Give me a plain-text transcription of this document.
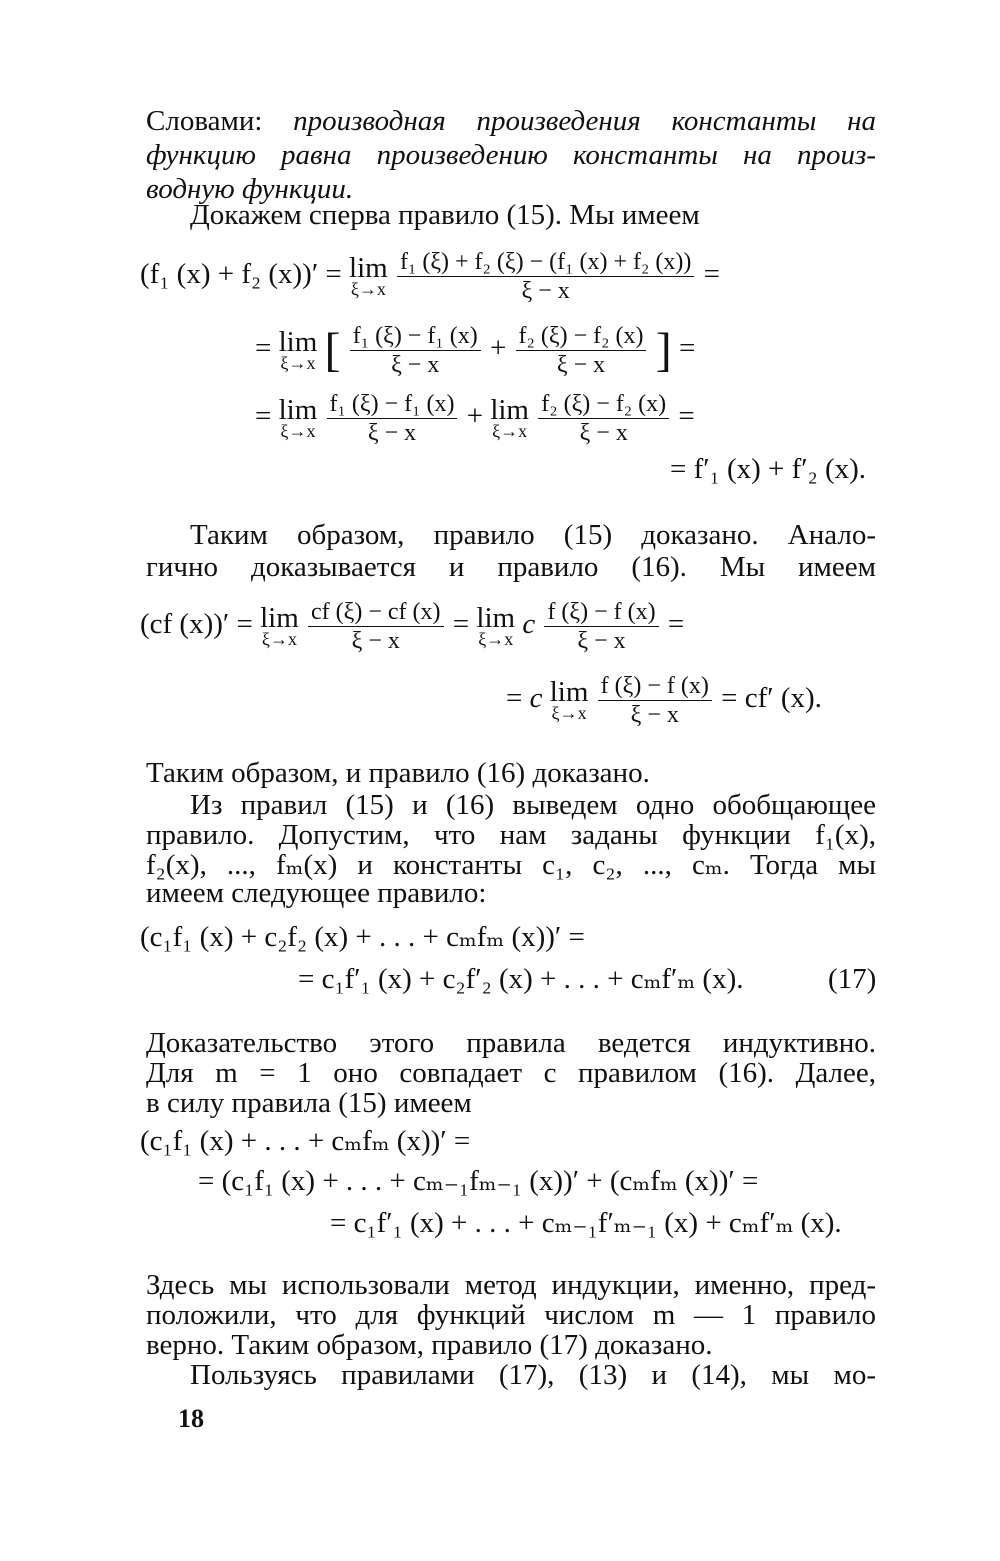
Словами: производная произведения константы на
функцию равна произведению константы на произ-
водную функции.
Докажем сперва правило (15). Мы имеем
(f₁ (x) + f₂ (x))′ = lim
ξ→x
$\frac{\text{f₁ (ξ) + f₂ (ξ) − (f₁ (x) + f₂ (x))}}{\xi - x}$ =
= lim
ξ→x [ $\frac{\text{f₁ (ξ) − f₁ (x)}}{\xi - x} + \frac{\text{f₂ (ξ) − f₂ (x)}}{\xi - x}$ ] =
= lim
ξ→x
$\frac{\text{f₁ (ξ) − f₁ (x)}}{\xi - x} + \lim$
ξ→x
$\frac{\text{f₂ (ξ) − f₂ (x)}}{\xi - x}$ =
= f′₁ (x) + f′₂ (x).
Таким образом, правило (15) доказано. Анало-
гично доказывается и правило (16). Мы имеем
(cf (x))′ = lim
ξ→x
$\frac{cf (\xi) - cf (x)}{\xi - x} = \lim$
ξ→x c $\frac{f (\xi) - f (x)}{\xi - x}$ =
= c lim
ξ→x
$\frac{f (\xi) - f (x)}{\xi - x} = cf'$ (x).
Таким образом, и правило (16) доказано.
Из правил (15) и (16) выведем одно обобщающее
правило. Допустим, что нам заданы функции f₁(x),
f₂(x), ..., fₘ(x) и константы c₁, c₂, ..., cₘ. Тогда мы
имеем следующее правило:
(c₁f₁ (x) + c₂f₂ (x) + . . . + cₘfₘ (x))′ =
= c₁f′₁ (x) + c₂f′₂ (x) + . . . + cₘf′ₘ (x).	(17)
Доказательство этого правила ведется индуктивно.
Для m = 1 оно совпадает с правилом (16). Далее,
в силу правила (15) имеем
(c₁f₁ (x) + . . . + cₘfₘ (x))′ =
= (c₁f₁ (x) + . . . + cₘ₋₁fₘ₋₁ (x))′ + (cₘfₘ (x))′ =
= c₁f′₁ (x) + . . . + cₘ₋₁f′ₘ₋₁ (x) + cₘf′ₘ (x).
Здесь мы использовали метод индукции, именно, пред-
положили, что для функций числом m — 1 правило
верно. Таким образом, правило (17) доказано.
Пользуясь правилами (17), (13) и (14), мы мо-
18
